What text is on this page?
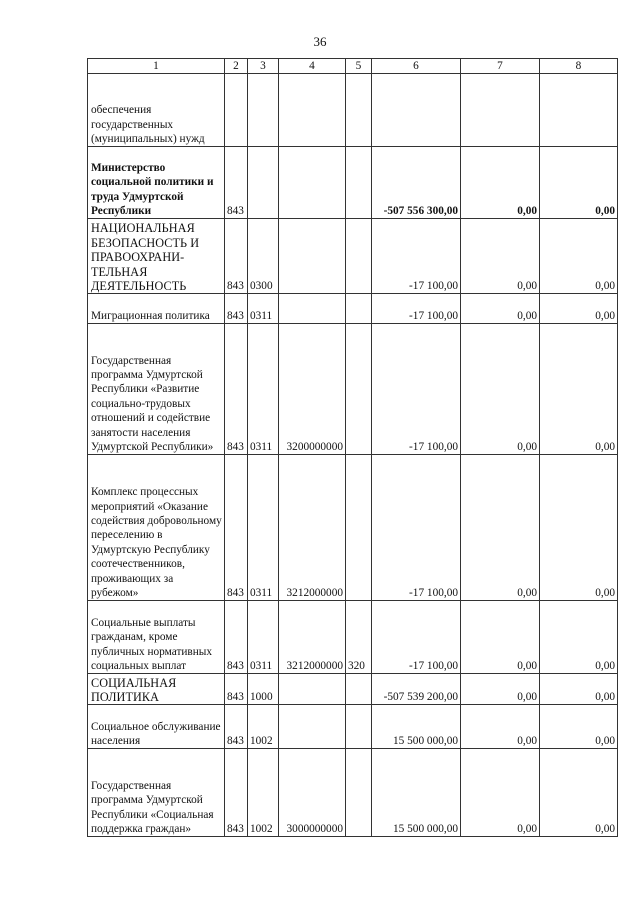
36
1	2	3	4	5	6	7	8
обеспечения государственных (муниципальных) нужд							
Министерство социальной политики и труда Удмуртской Республики	843				-507 556 300,00	0,00	0,00
НАЦИОНАЛЬНАЯ БЕЗОПАСНОСТЬ И ПРАВООХРАНИ-ТЕЛЬНАЯ ДЕЯТЕЛЬНОСТЬ	843	0300			-17 100,00	0,00	0,00
Миграционная политика	843	0311			-17 100,00	0,00	0,00
Государственная программа Удмуртской Республики «Развитие социально-трудовых отношений и содействие занятости населения Удмуртской Республики»	843	0311	3200000000		-17 100,00	0,00	0,00
Комплекс процессных мероприятий «Оказание содействия добровольному переселению в Удмуртскую Республику соотечественников, проживающих за рубежом»	843	0311	3212000000		-17 100,00	0,00	0,00
Социальные выплаты гражданам, кроме публичных нормативных социальных выплат	843	0311	3212000000	320	-17 100,00	0,00	0,00
СОЦИАЛЬНАЯ ПОЛИТИКА	843	1000			-507 539 200,00	0,00	0,00
Социальное обслуживание населения	843	1002			15 500 000,00	0,00	0,00
Государственная программа Удмуртской Республики «Социальная поддержка граждан»	843	1002	3000000000		15 500 000,00	0,00	0,00
